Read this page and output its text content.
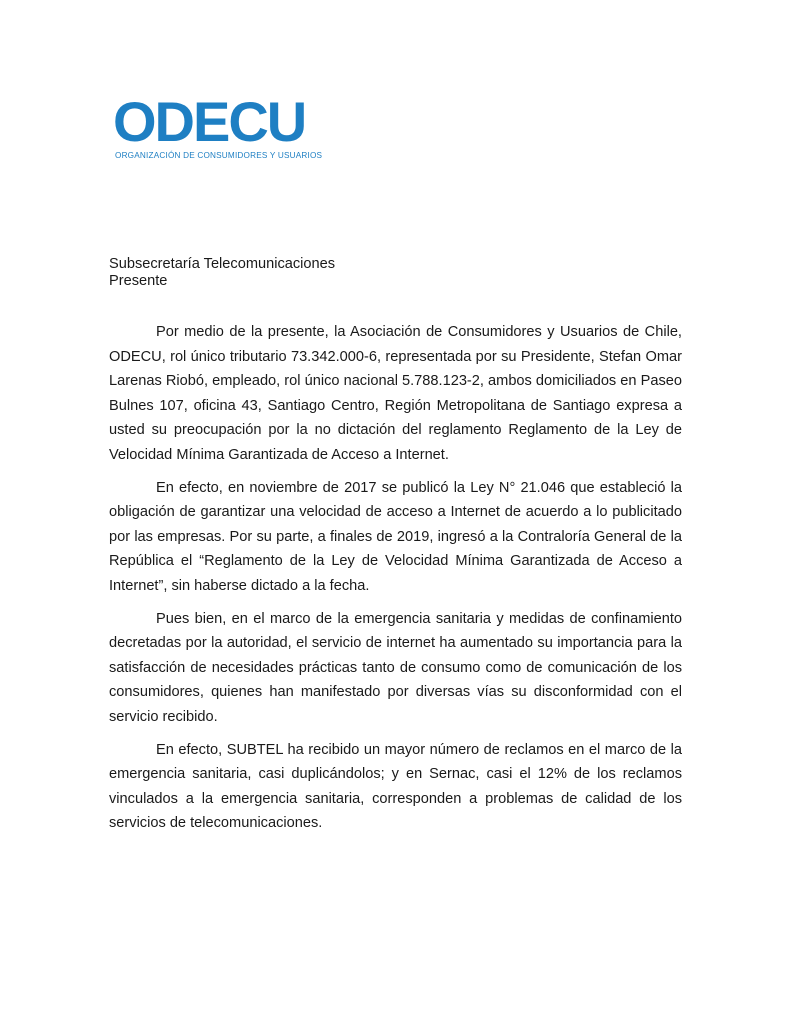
ODECU
ORGANIZACIÓN DE CONSUMIDORES Y USUARIOS
Subsecretaría Telecomunicaciones
Presente

Por medio de la presente, la Asociación de Consumidores y Usuarios de Chile, ODECU, rol único tributario 73.342.000-6, representada por su Presidente, Stefan Omar Larenas Riobó, empleado, rol único nacional 5.788.123-2, ambos domiciliados en Paseo Bulnes 107, oficina 43, Santiago Centro, Región Metropolitana de Santiago expresa a usted su preocupación por la no dictación del reglamento Reglamento de la Ley de Velocidad Mínima Garantizada de Acceso a Internet.

En efecto, en noviembre de 2017 se publicó la Ley N° 21.046 que estableció la obligación de garantizar una velocidad de acceso a Internet de acuerdo a lo publicitado por las empresas. Por su parte, a finales de 2019, ingresó a la Contraloría General de la República el “Reglamento de la Ley de Velocidad Mínima Garantizada de Acceso a Internet”, sin haberse dictado a la fecha.

Pues bien, en el marco de la emergencia sanitaria y medidas de confinamiento decretadas por la autoridad, el servicio de internet ha aumentado su importancia para la satisfacción de necesidades prácticas tanto de consumo como de comunicación de los consumidores, quienes han manifestado por diversas vías su disconformidad con el servicio recibido.

En efecto, SUBTEL ha recibido un mayor número de reclamos en el marco de la emergencia sanitaria, casi duplicándolos; y en Sernac, casi el 12% de los reclamos vinculados a la emergencia sanitaria, corresponden a problemas de calidad de los servicios de telecomunicaciones.
